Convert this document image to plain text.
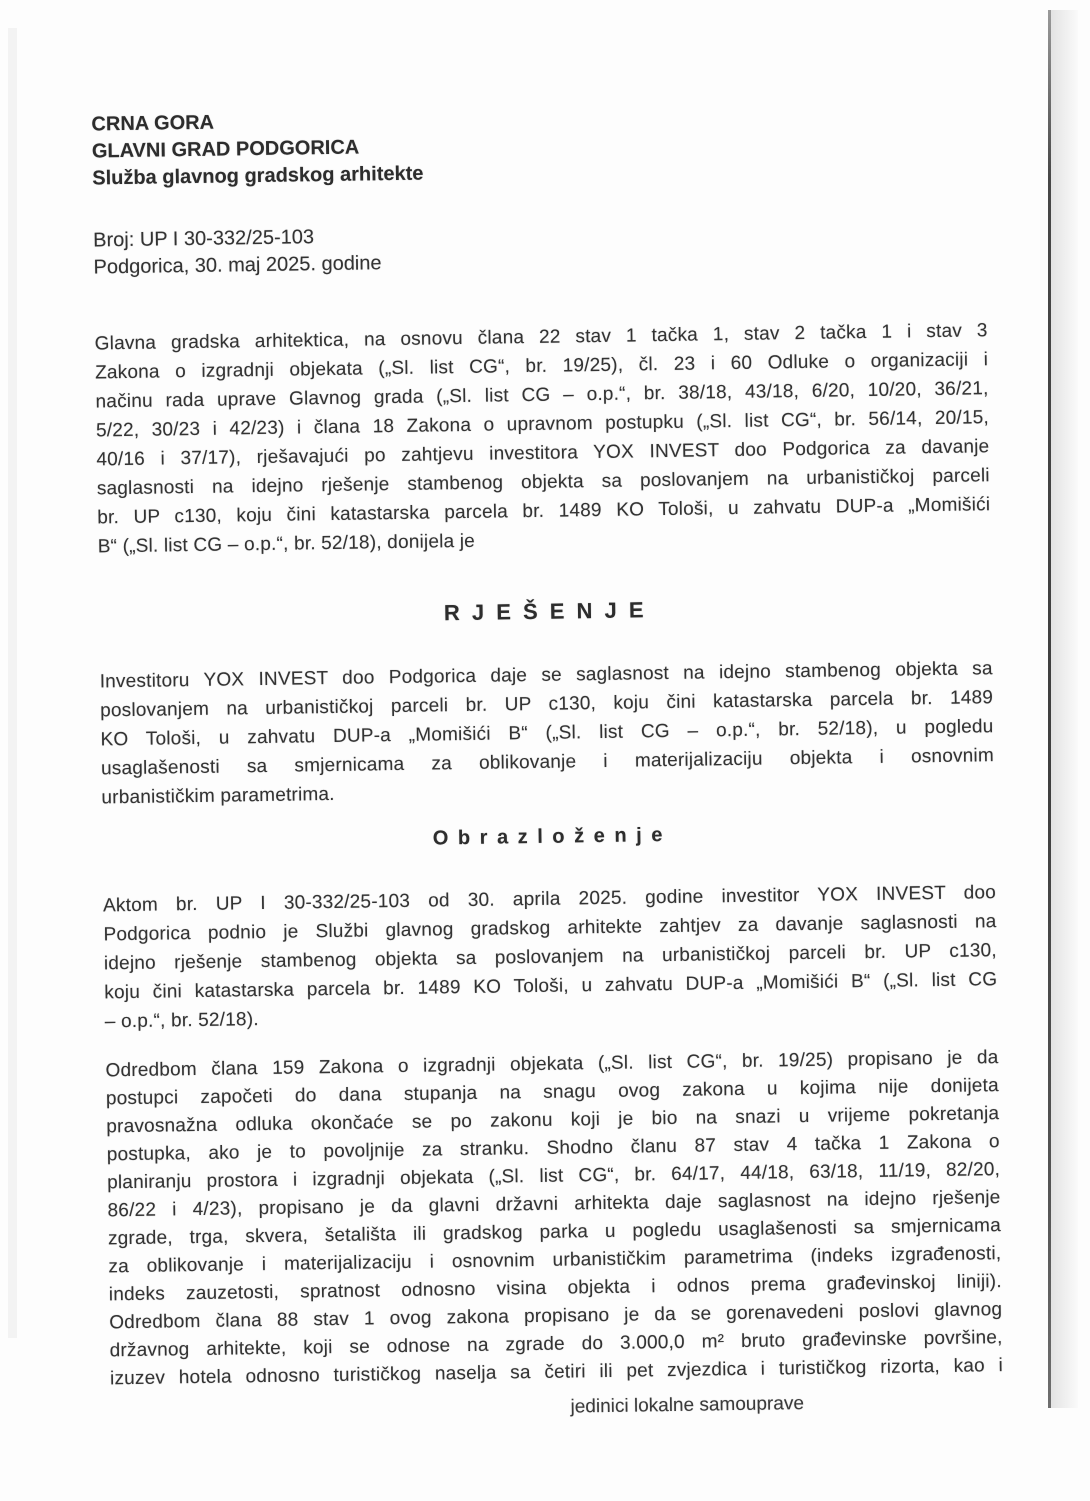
CRNA GORA
GLAVNI GRAD PODGORICA
Služba glavnog gradskog arhitekte
Broj: UP I 30-332/25-103
Podgorica, 30. maj 2025. godine
Glavna gradska arhitektica, na osnovu člana 22 stav 1 tačka 1, stav 2 tačka 1 i stav 3
Zakona o izgradnji objekata („Sl. list CG“, br. 19/25), čl. 23 i 60 Odluke o organizaciji i
načinu rada uprave Glavnog grada („Sl. list CG – o.p.“, br. 38/18, 43/18, 6/20, 10/20, 36/21,
5/22, 30/23 i 42/23) i člana 18 Zakona o upravnom postupku („Sl. list CG“, br. 56/14, 20/15,
40/16 i 37/17), rješavajući po zahtjevu investitora YOX INVEST doo Podgorica za davanje
saglasnosti na idejno rješenje stambenog objekta sa poslovanjem na urbanističkoj parceli
br. UP c130, koju čini katastarska parcela br. 1489 KO Tološi, u zahvatu DUP-a „Momišići
B“ („Sl. list CG – o.p.“, br. 52/18), donijela je
R J E Š E N J E
Investitoru YOX INVEST doo Podgorica daje se saglasnost na idejno stambenog objekta sa
poslovanjem na urbanističkoj parceli br. UP c130, koju čini katastarska parcela br. 1489
KO Tološi, u zahvatu DUP-a „Momišići B“ („Sl. list CG – o.p.“, br. 52/18), u pogledu
usaglašenosti sa smjernicama za oblikovanje i materijalizaciju objekta i osnovnim
urbanističkim parametrima.
O b r a z l o ž e n j e
Aktom br. UP I 30-332/25-103 od 30. aprila 2025. godine investitor YOX INVEST doo
Podgorica podnio je Službi glavnog gradskog arhitekte zahtjev za davanje saglasnosti na
idejno rješenje stambenog objekta sa poslovanjem na urbanističkoj parceli br. UP c130,
koju čini katastarska parcela br. 1489 KO Tološi, u zahvatu DUP-a „Momišići B“ („Sl. list CG
– o.p.“, br. 52/18).
Odredbom člana 159 Zakona o izgradnji objekata („Sl. list CG“, br. 19/25) propisano je da
postupci započeti do dana stupanja na snagu ovog zakona u kojima nije donijeta
pravosnažna odluka okončaće se po zakonu koji je bio na snazi u vrijeme pokretanja
postupka, ako je to povoljnije za stranku. Shodno članu 87 stav 4 tačka 1 Zakona o
planiranju prostora i izgradnji objekata („Sl. list CG“, br. 64/17, 44/18, 63/18, 11/19, 82/20,
86/22 i 4/23), propisano je da glavni državni arhitekta daje saglasnost na idejno rješenje
zgrade, trga, skvera, šetališta ili gradskog parka u pogledu usaglašenosti sa smjernicama
za oblikovanje i materijalizaciju i osnovnim urbanističkim parametrima (indeks izgrađenosti,
indeks zauzetosti, spratnost odnosno visina objekta i odnos prema građevinskoj liniji).
Odredbom člana 88 stav 1 ovog zakona propisano je da se gorenavedeni poslovi glavnog
državnog arhitekte, koji se odnose na zgrade do 3.000,0 m² bruto građevinske površine,
izuzev hotela odnosno turističkog naselja sa četiri ili pet zvjezdica i turističkog rizorta, kao i
jedinici lokalne samouprave
